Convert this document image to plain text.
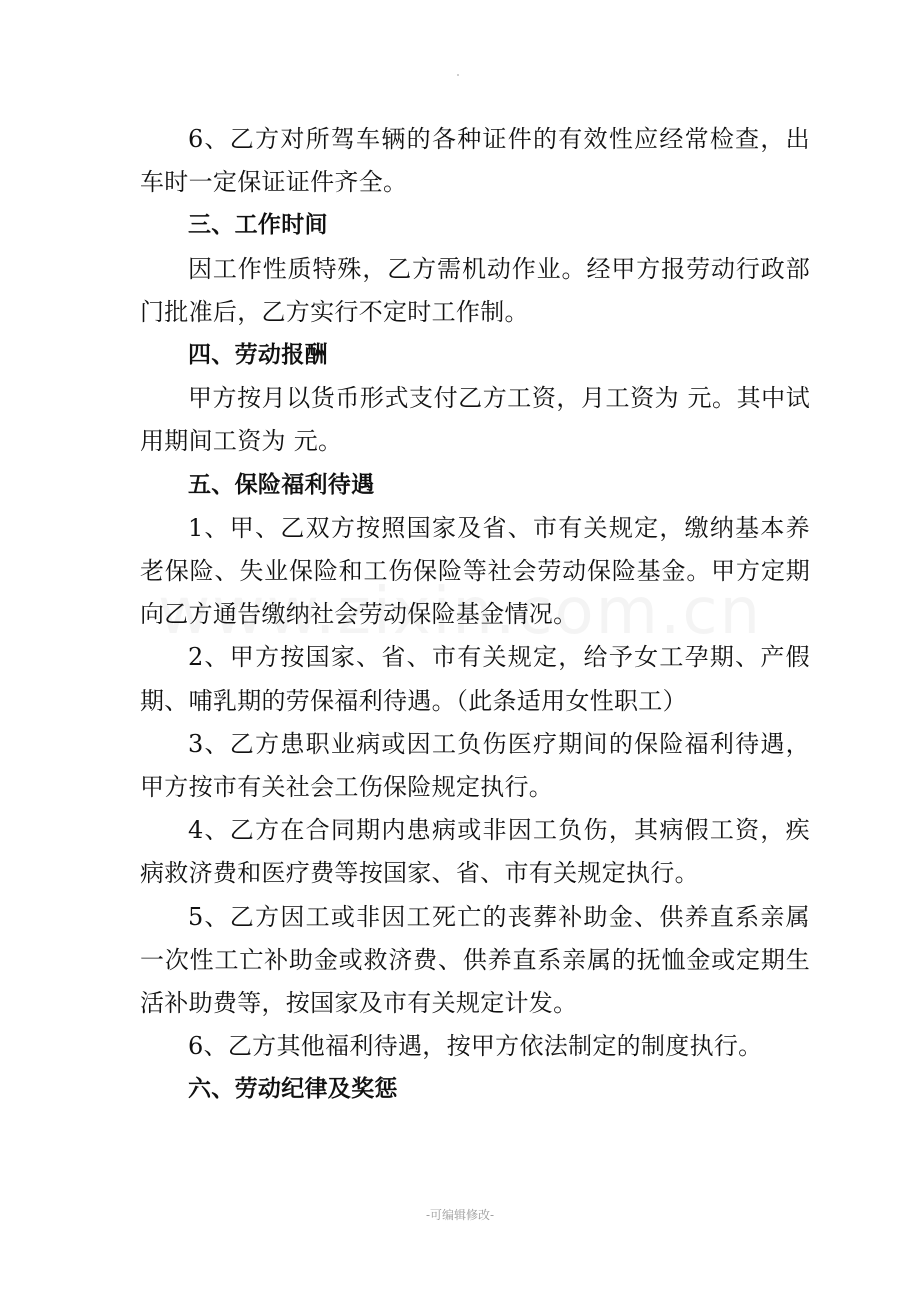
6、乙方对所驾车辆的各种证件的有效性应经常检查，出车时一定保证证件齐全。

三、工作时间

因工作性质特殊，乙方需机动作业。经甲方报劳动行政部门批准后，乙方实行不定时工作制。

四、劳动报酬

甲方按月以货币形式支付乙方工资，月工资为 元。其中试用期间工资为 元。

五、保险福利待遇

1、甲、乙双方按照国家及省、市有关规定，缴纳基本养老保险、失业保险和工伤保险等社会劳动保险基金。甲方定期向乙方通告缴纳社会劳动保险基金情况。

2、甲方按国家、省、市有关规定，给予女工孕期、产假期、哺乳期的劳保福利待遇。（此条适用女性职工）

3、乙方患职业病或因工负伤医疗期间的保险福利待遇，甲方按市有关社会工伤保险规定执行。

4、乙方在合同期内患病或非因工负伤，其病假工资，疾病救济费和医疗费等按国家、省、市有关规定执行。

5、乙方因工或非因工死亡的丧葬补助金、供养直系亲属一次性工亡补助金或救济费、供养直系亲属的抚恤金或定期生活补助费等，按国家及市有关规定计发。

6、乙方其他福利待遇，按甲方依法制定的制度执行。

六、劳动纪律及奖惩

-可编辑修改-
